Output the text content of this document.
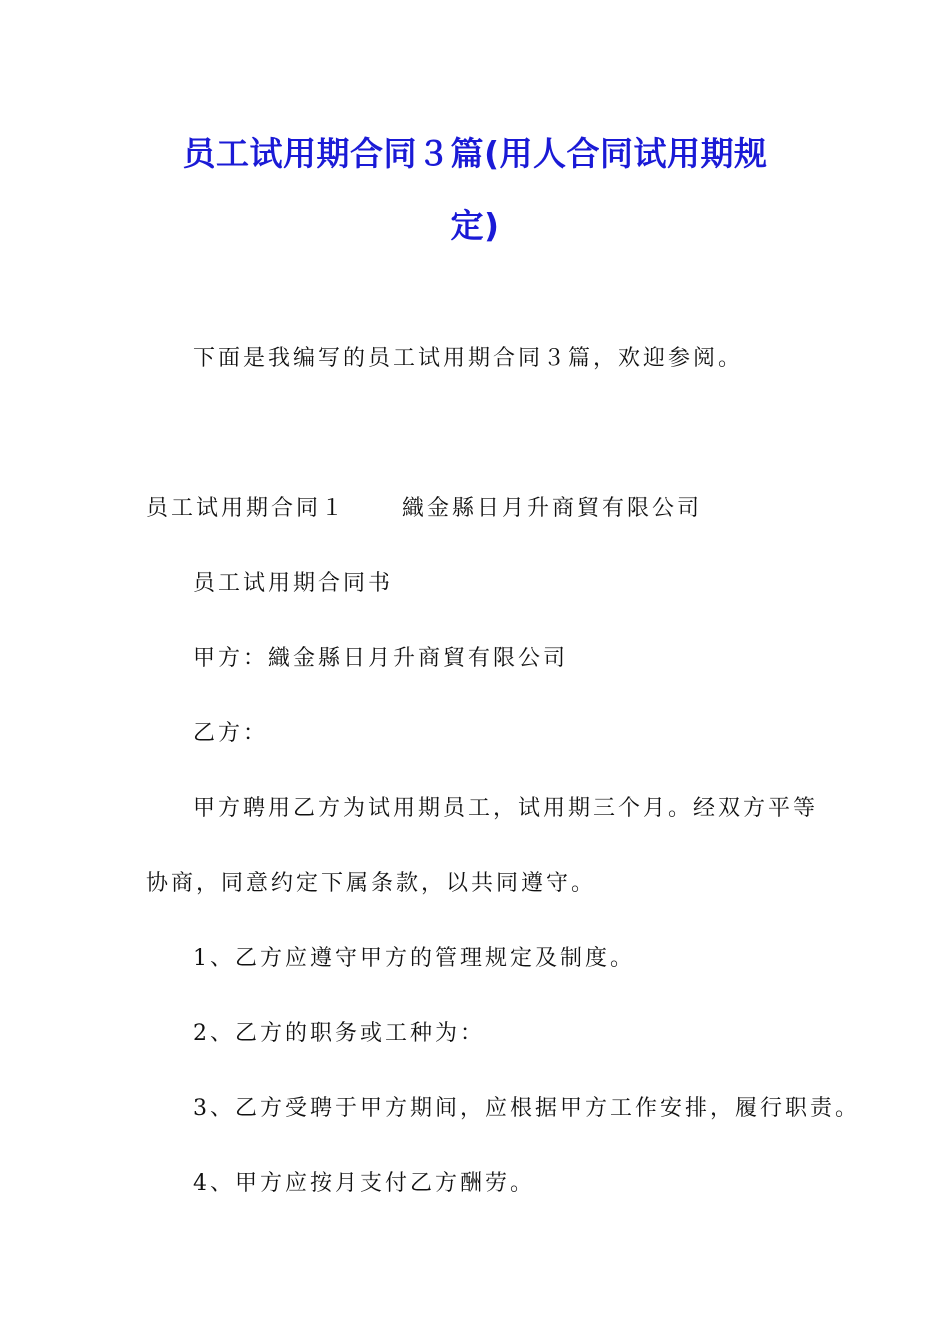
员工试用期合同３篇(用人合同试用期规
定)
下面是我编写的员工试用期合同３篇，欢迎参阅。
员工试用期合同１	織金縣日月升商貿有限公司
员工试用期合同书
甲方：織金縣日月升商貿有限公司
乙方：
甲方聘用乙方为试用期员工，试用期三个月。经双方平等
协商，同意约定下属条款，以共同遵守。
1、乙方应遵守甲方的管理规定及制度。
2、乙方的职务或工种为：
3、乙方受聘于甲方期间，应根据甲方工作安排，履行职责。
4、甲方应按月支付乙方酬劳。
